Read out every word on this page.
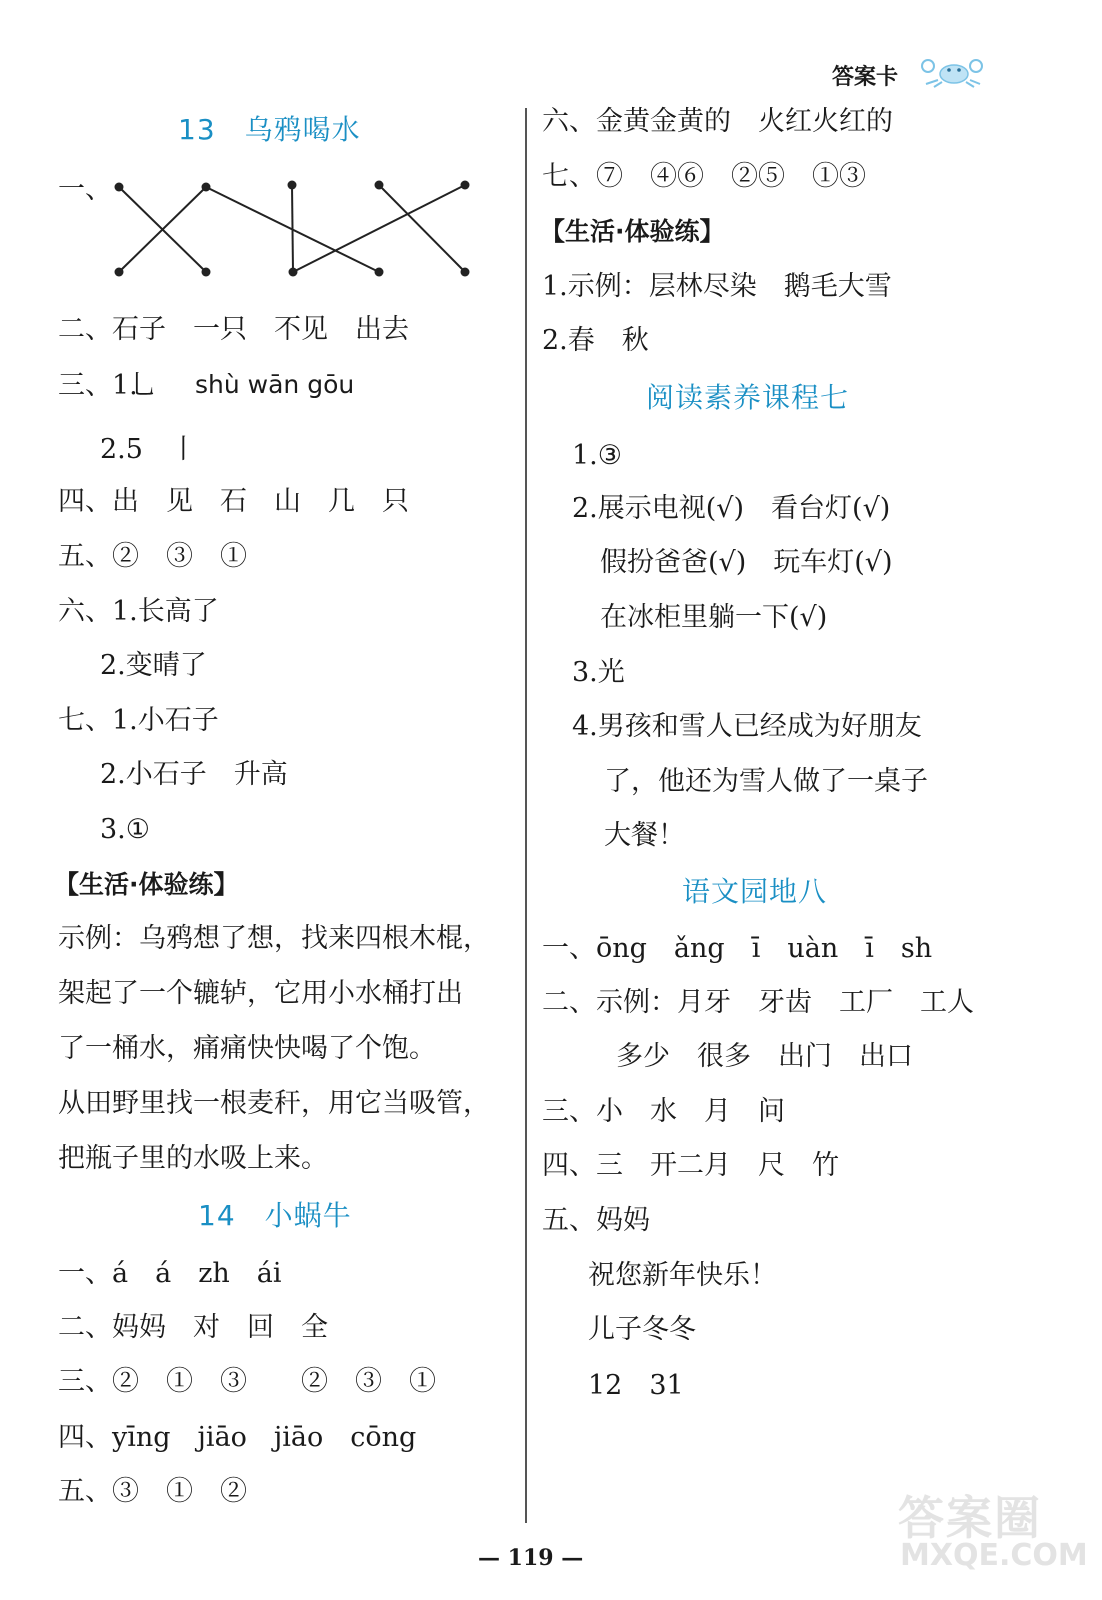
答案卡
13　乌鸦喝水
一、
二、石子　一只　不见　出去
三、1.
乚 shù wān gōu
2.5　丨
四、出　见　石　山　几　只
五、②　③　①
六、1.长高了
2.变晴了
七、1.小石子
2.小石子　升高
3.①
【生活·体验练】
示例：乌鸦想了想，找来四根木棍，
架起了一个辘轳，它用小水桶打出
了一桶水，痛痛快快喝了个饱。
从田野里找一根麦秆，用它当吸管，
把瓶子里的水吸上来。
14　小蜗牛
一、á　á　zh　ái
二、妈妈　对　回　全
三、②　①　③　　②　③　①
四、yīng　jiāo　jiāo　cōng
五、③　①　②
六、金黄金黄的　火红火红的
七、⑦　④⑥　②⑤　①③
【生活·体验练】
1.示例：层林尽染　鹅毛大雪
2.春　秋
阅读素养课程七
1.③
2.展示电视(√)　看台灯(√)
假扮爸爸(√)　玩车灯(√)
在冰柜里躺一下(√)
3.光
4.男孩和雪人已经成为好朋友
了，他还为雪人做了一桌子
大餐！
语文园地八
一、ōng　ǎng　ī　uàn　ī　sh
二、示例：月牙　牙齿　工厂　工人
多少　很多　出门　出口
三、小　水　月　问
四、三　开二月　尺　竹
五、妈妈
祝您新年快乐！
儿子冬冬
12　31
— 119 —
答案圈
MXQE.COM
